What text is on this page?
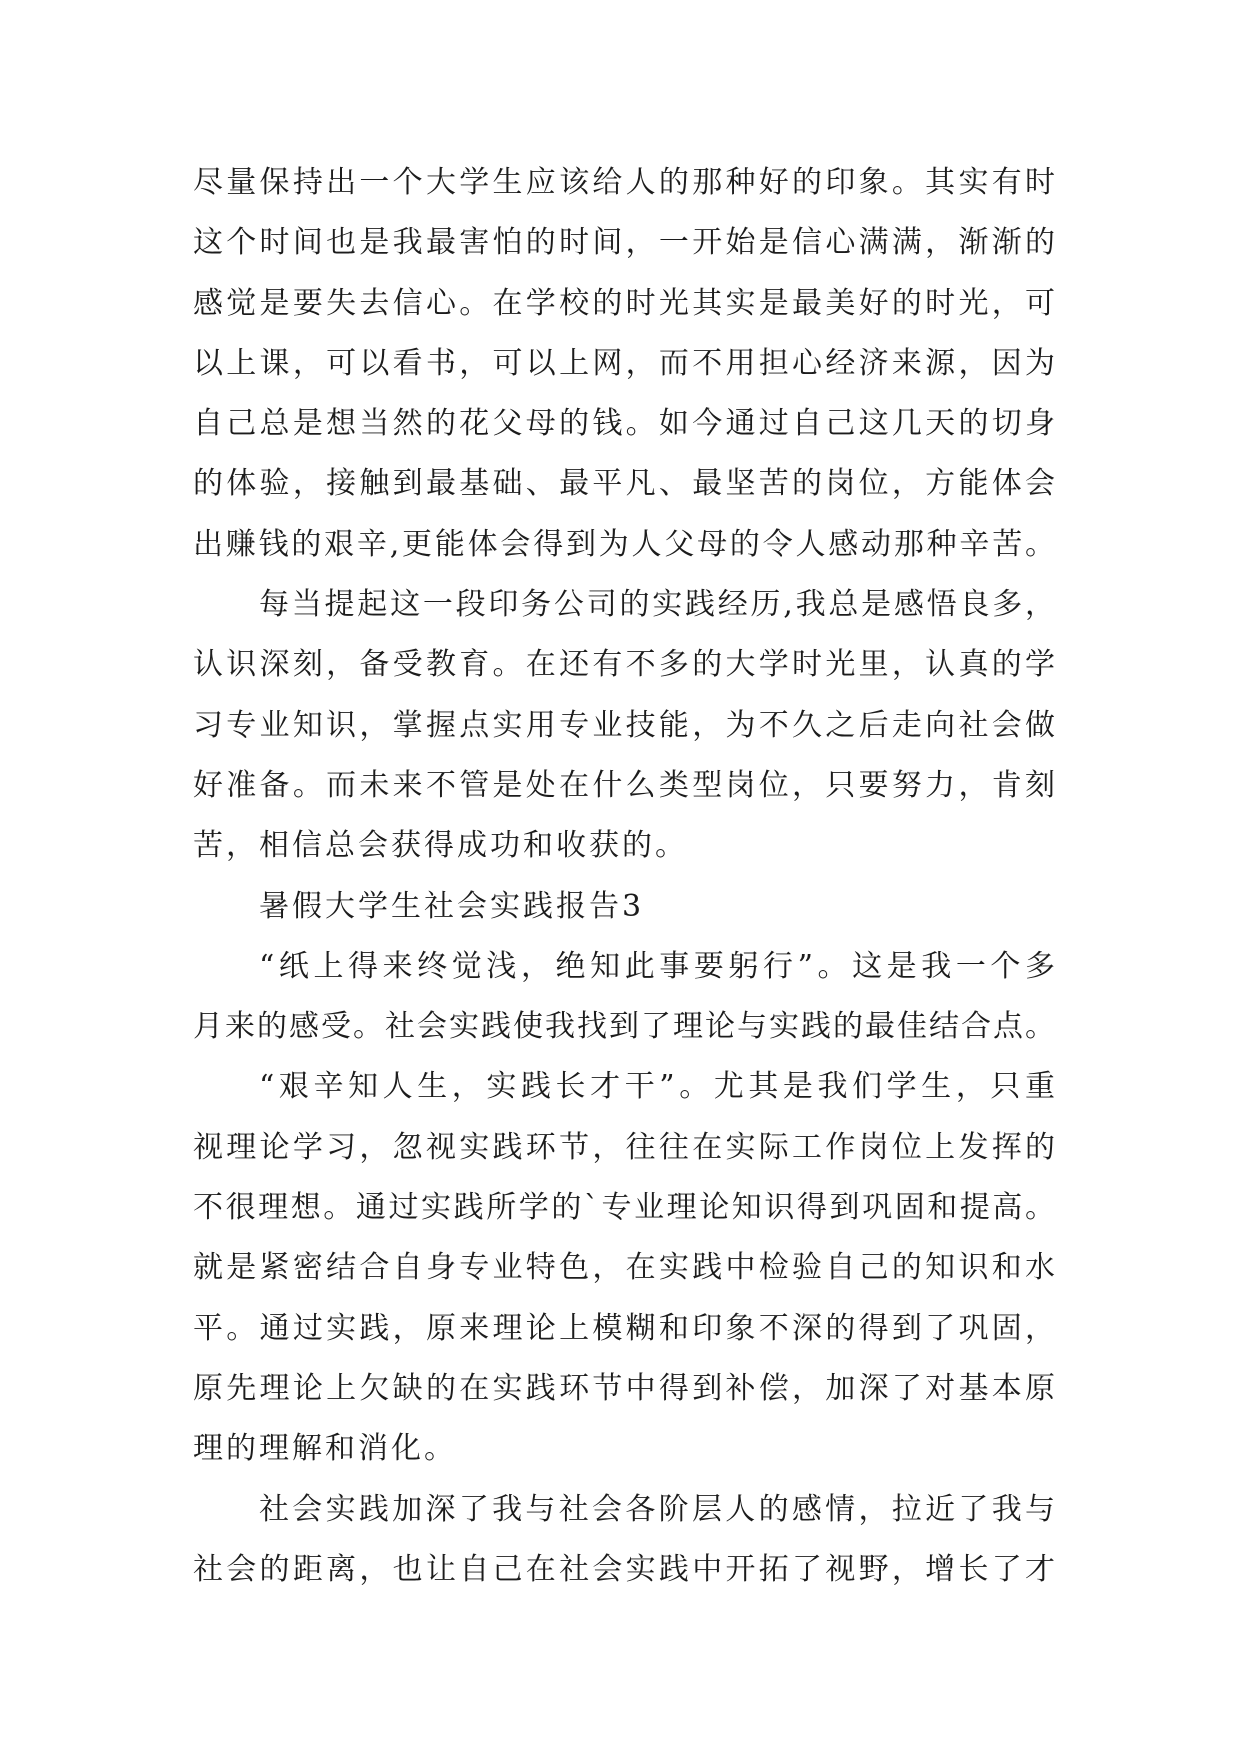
尽量保持出一个大学生应该给人的那种好的印象。其实有时
这个时间也是我最害怕的时间，一开始是信心满满，渐渐的
感觉是要失去信心。在学校的时光其实是最美好的时光，可
以上课，可以看书，可以上网，而不用担心经济来源，因为
自己总是想当然的花父母的钱。如今通过自己这几天的切身
的体验，接触到最基础、最平凡、最坚苦的岗位，方能体会
出赚钱的艰辛,更能体会得到为人父母的令人感动那种辛苦。
每当提起这一段印务公司的实践经历,我总是感悟良多，
认识深刻，备受教育。在还有不多的大学时光里，认真的学
习专业知识，掌握点实用专业技能，为不久之后走向社会做
好准备。而未来不管是处在什么类型岗位，只要努力，肯刻
苦，相信总会获得成功和收获的。
暑假大学生社会实践报告3
“纸上得来终觉浅，绝知此事要躬行”。这是我一个多
月来的感受。社会实践使我找到了理论与实践的最佳结合点。
“艰辛知人生，实践长才干”。尤其是我们学生，只重
视理论学习，忽视实践环节，往往在实际工作岗位上发挥的
不很理想。通过实践所学的`专业理论知识得到巩固和提高。
就是紧密结合自身专业特色，在实践中检验自己的知识和水
平。通过实践，原来理论上模糊和印象不深的得到了巩固，
原先理论上欠缺的在实践环节中得到补偿，加深了对基本原
理的理解和消化。
社会实践加深了我与社会各阶层人的感情，拉近了我与
社会的距离，也让自己在社会实践中开拓了视野，增长了才
